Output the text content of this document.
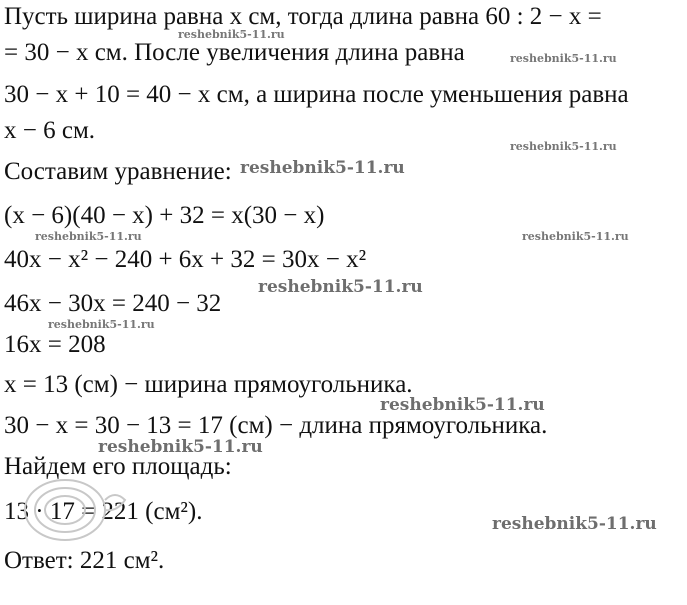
Пусть ширина равна x см, тогда длина равна 60 : 2 − x =
= 30 − x см. После увеличения длина равна
30 − x + 10 = 40 − x см, а ширина после уменьшения равна
x − 6 см.
Составим уравнение:
(x − 6)(40 − x) + 32 = x(30 − x)
40x − x² − 240 + 6x + 32 = 30x − x²
46x − 30x = 240 − 32
16x = 208
x = 13 (см) − ширина прямоугольника.
30 − x = 30 − 13 = 17 (см) − длина прямоугольника.
Найдем его площадь:
13 · 17 = 221 (см²).
Ответ: 221 см².
reshebnik5-11.ru
reshebnik5-11.ru
reshebnik5-11.ru
reshebnik5-11.ru
reshebnik5-11.ru	reshebnik5-11.ru
reshebnik5-11.ru
reshebnik5-11.ru
reshebnik5-11.ru
reshebnik5-11.ru
reshebnik5-11.ru
